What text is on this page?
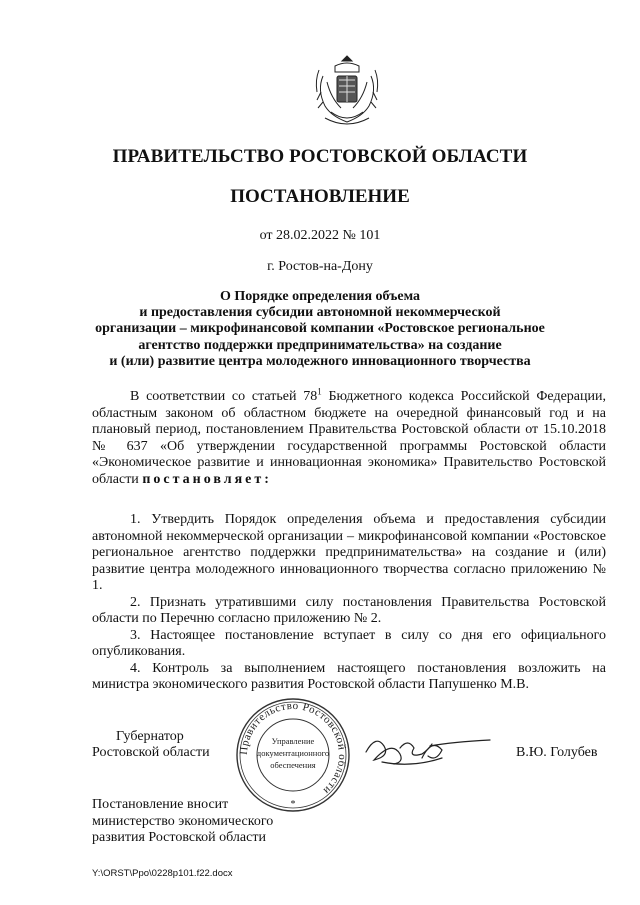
ПРАВИТЕЛЬСТВО РОСТОВСКОЙ ОБЛАСТИ
ПОСТАНОВЛЕНИЕ
от 28.02.2022 № 101
г. Ростов-на-Дону
О Порядке определения объема
и предоставления субсидии автономной некоммерческой
организации – микрофинансовой компании «Ростовское региональное
агентство поддержки предпринимательства» на создание
и (или) развитие центра молодежного инновационного творчества
В соответствии со статьей $78^1$ Бюджетного кодекса Российской Федерации, областным законом об областном бюджете на очередной финансовый год и на плановый период, постановлением Правительства Ростовской области от 15.10.2018 № 637 «Об утверждении государственной программы Ростовской области «Экономическое развитие и инновационная экономика» Правительство Ростовской области постановляет:

1. Утвердить Порядок определения объема и предоставления субсидии автономной некоммерческой организации – микрофинансовой компании «Ростовское региональное агентство поддержки предпринимательства» на создание и (или) развитие центра молодежного инновационного творчества согласно приложению № 1.

2. Признать утратившими силу постановления Правительства Ростовской области по Перечню согласно приложению № 2.

3. Настоящее постановление вступает в силу со дня его официального опубликования.

4. Контроль за выполнением настоящего постановления возложить на министра экономического развития Ростовской области Папушенко М.В.

Губернатор
Ростовской области	В.Ю. Голубев
Правительство Ростовской области
Управление
документационного
обеспечения
*
Постановление вносит
министерство экономического
развития Ростовской области
Y:\ORST\Ppo\0228p101.f22.docx
